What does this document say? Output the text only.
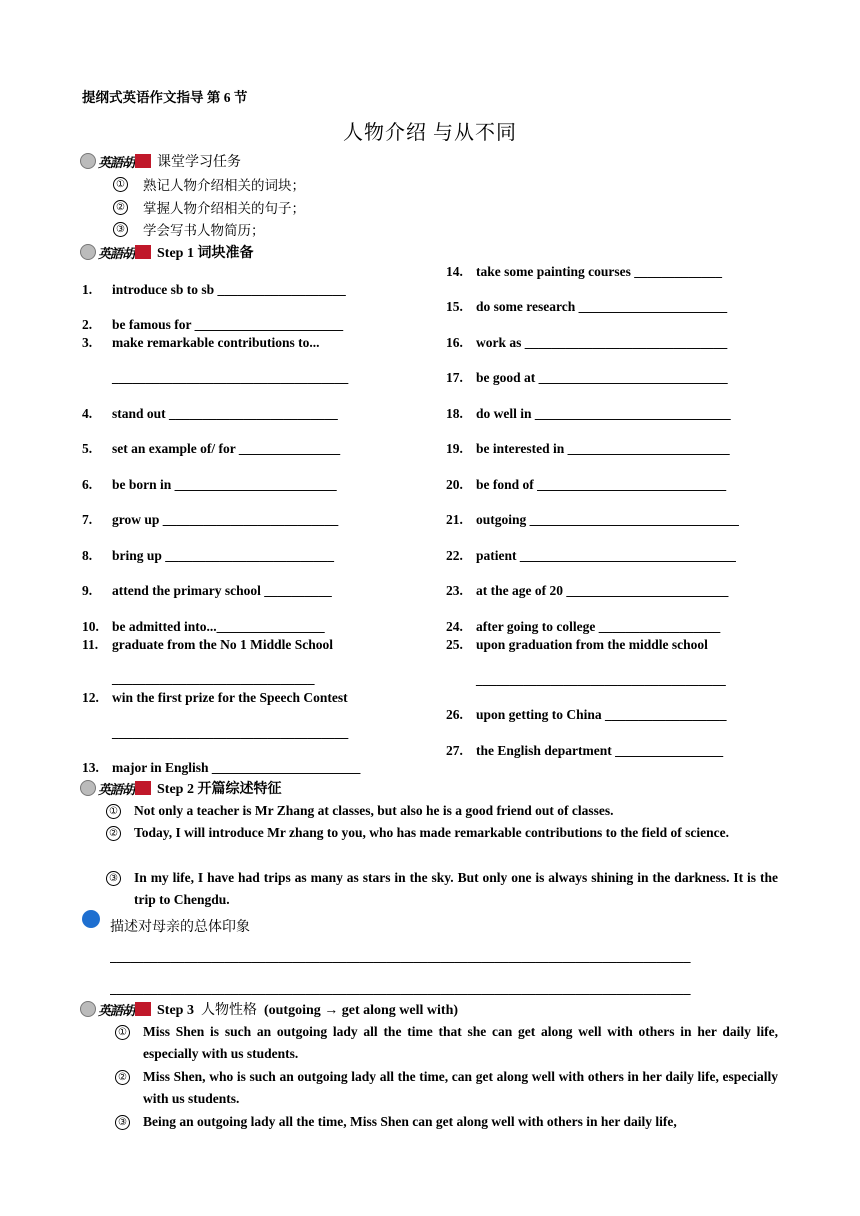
提纲式英语作文指导 第 6 节
人物介绍 与从不同
英語胡 课堂学习任务
① 熟记人物介绍相关的词块；
② 掌握人物介绍相关的句子；
③ 学会写书人物简历；
英語胡 Step 1 词块准备
1. introduce sb to sb ___________________
2. be famous for ______________________
3. make remarkable contributions to...
___________________________________
4. stand out _________________________
5. set an example of/ for _______________
6. be born in ________________________
7. grow up __________________________
8. bring up _________________________
9. attend the primary school __________
10. be admitted into...________________
11. graduate from the No 1 Middle School
______________________________
12. win the first prize for the Speech Contest
___________________________________
13. major in English ______________________
14. take some painting courses _____________
15. do some research ______________________
16. work as ______________________________
17. be good at ____________________________
18. do well in _____________________________
19. be interested in ________________________
20. be fond of ____________________________
21. outgoing _______________________________
22. patient ________________________________
23. at the age of 20 ________________________
24. after going to college __________________
25. upon graduation from the middle school
_____________________________________
26. upon getting to China __________________
27. the English department ________________
英語胡 Step 2 开篇综述特征
① Not only a teacher is Mr Zhang at classes, but also he is a good friend out of classes.
② Today, I will introduce Mr zhang to you, who has made remarkable contributions to the field of science.
③ In my life, I have had trips as many as stars in the sky. But only one is always shining in the darkness. It is the trip to Chengdu.
描述对母亲的总体印象
______________________________________________________________________________________
______________________________________________________________________________________
英語胡 Step 3 人物性格 (outgoing → get along well with)
① Miss Shen is such an outgoing lady all the time that she can get along well with others in her daily life, especially with us students.
② Miss Shen, who is such an outgoing lady all the time, can get along well with others in her daily life, especially with us students.
③ Being an outgoing lady all the time, Miss Shen can get along well with others in her daily life,
